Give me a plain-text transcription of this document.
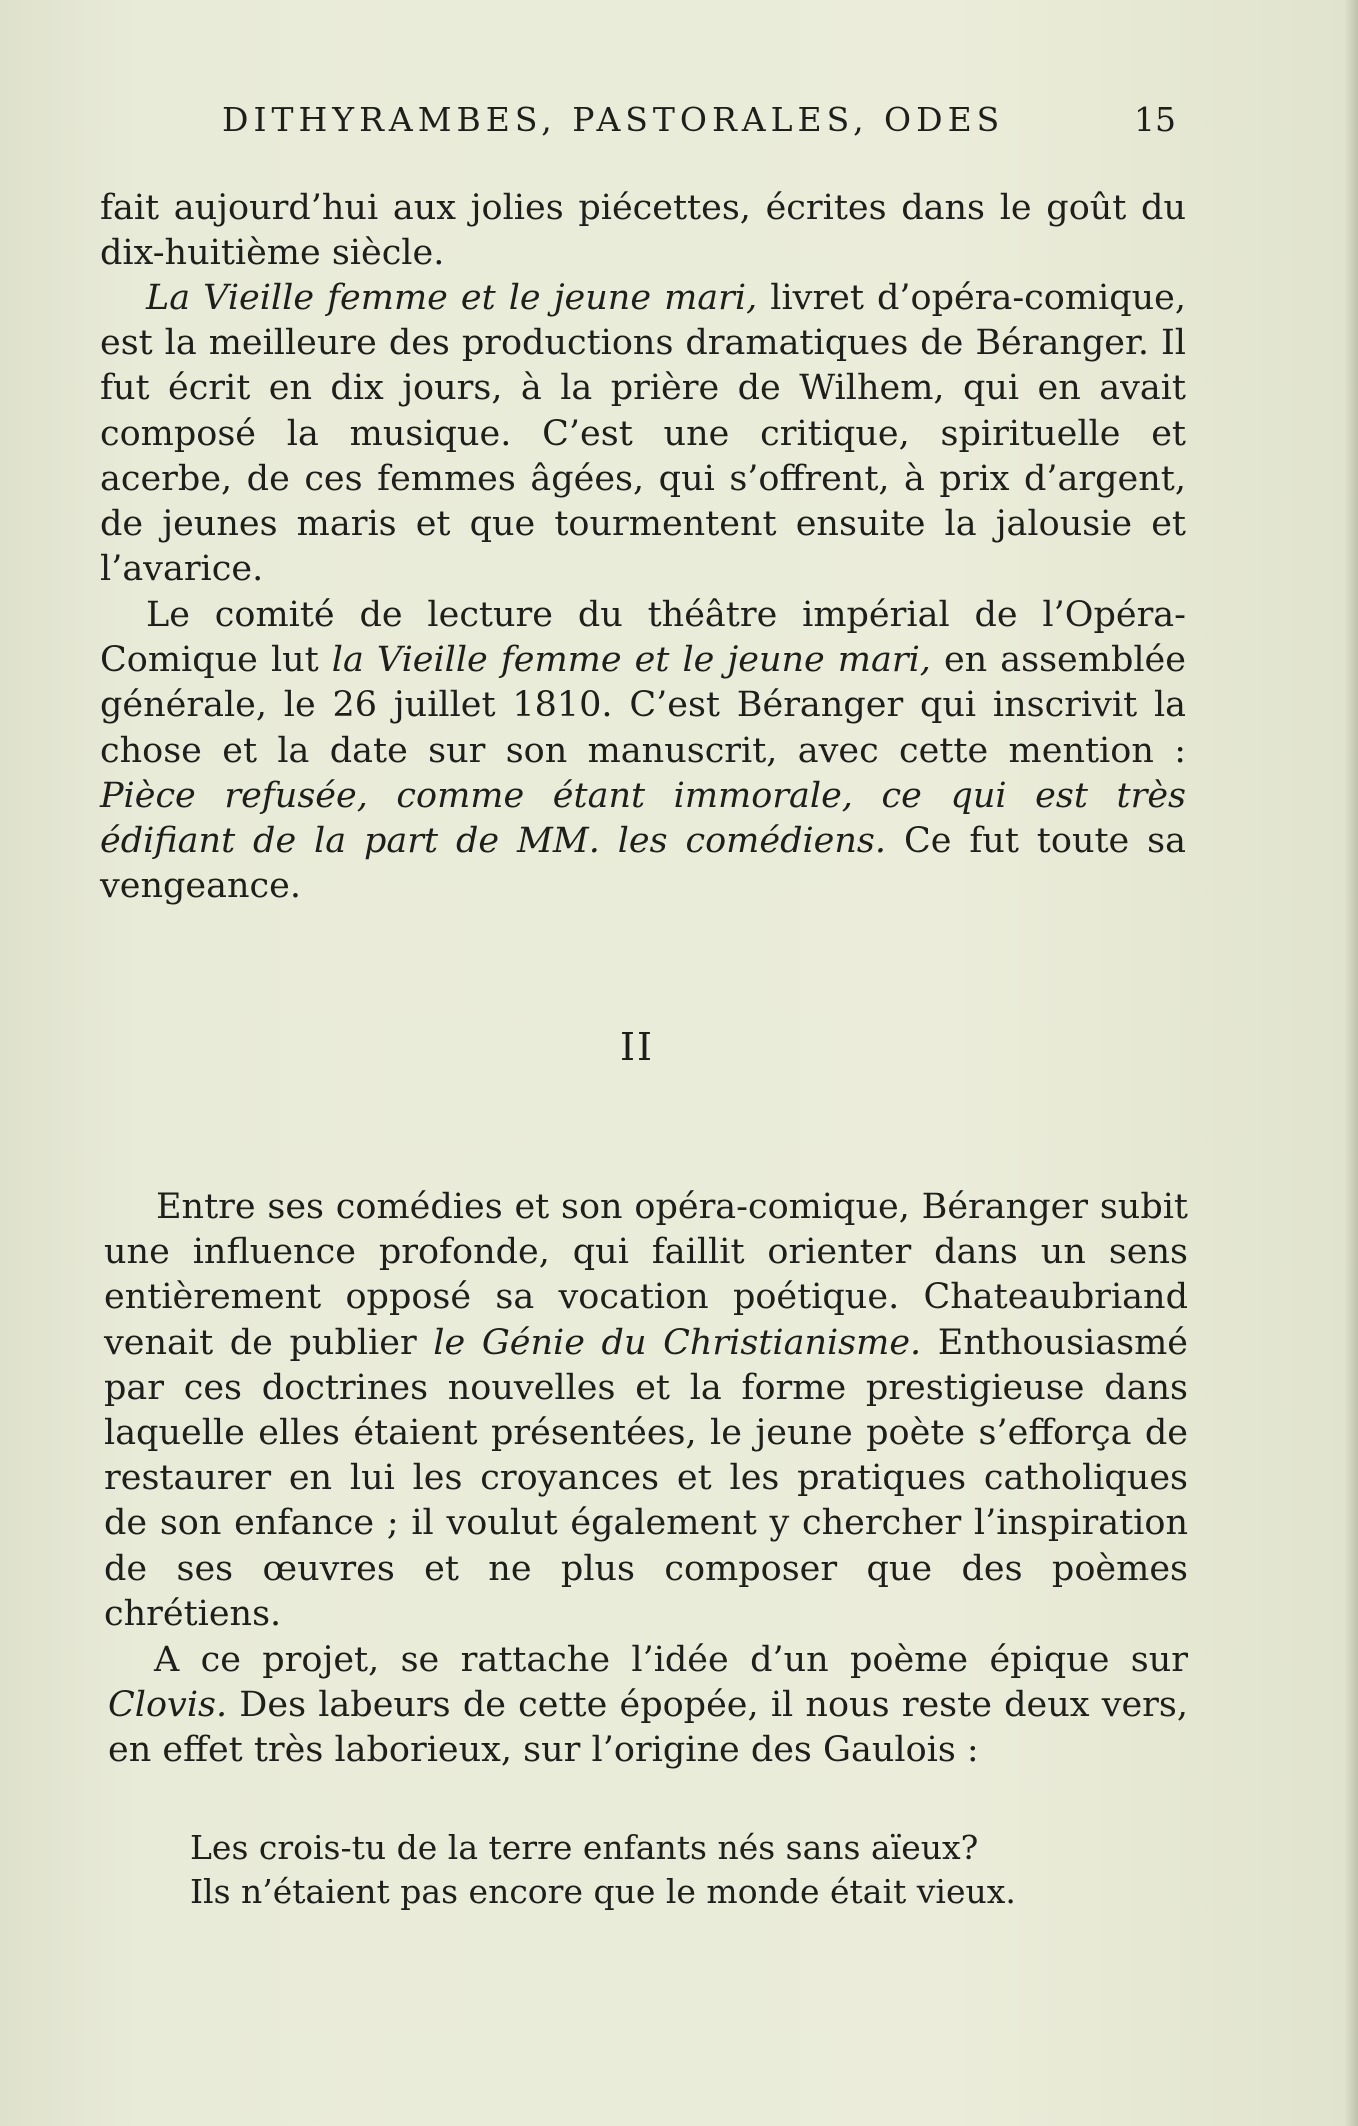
DITHYRAMBES, PASTORALES, ODES	15

fait aujourd’hui aux jolies piécettes, écrites dans le goût du dix-huitième siècle.

La Vieille femme et le jeune mari, livret d’opéra-comique, est la meilleure des productions dramatiques de Béranger. Il fut écrit en dix jours, à la prière de Wilhem, qui en avait composé la musique. C’est une critique, spirituelle et acerbe, de ces femmes âgées, qui s’offrent, à prix d’argent, de jeunes maris et que tourmentent ensuite la jalousie et l’avarice.

Le comité de lecture du théâtre impérial de l’Opéra-Comique lut la Vieille femme et le jeune mari, en assemblée générale, le 26 juillet 1810. C’est Béranger qui inscrivit la chose et la date sur son manuscrit, avec cette mention : Pièce refusée, comme étant immorale, ce qui est très édifiant de la part de MM. les comédiens. Ce fut toute sa vengeance.

II

Entre ses comédies et son opéra-comique, Béranger subit une influence profonde, qui faillit orienter dans un sens entièrement opposé sa vocation poétique. Chateaubriand venait de publier le Génie du Christianisme. Enthousiasmé par ces doctrines nouvelles et la forme prestigieuse dans laquelle elles étaient présentées, le jeune poète s’efforça de restaurer en lui les croyances et les pratiques catholiques de son enfance ; il voulut également y chercher l’inspiration de ses œuvres et ne plus composer que des poèmes chrétiens.

A ce projet, se rattache l’idée d’un poème épique sur Clovis. Des labeurs de cette épopée, il nous reste deux vers, en effet très laborieux, sur l’origine des Gaulois :

Les crois-tu de la terre enfants nés sans aïeux?
Ils n’étaient pas encore que le monde était vieux.
